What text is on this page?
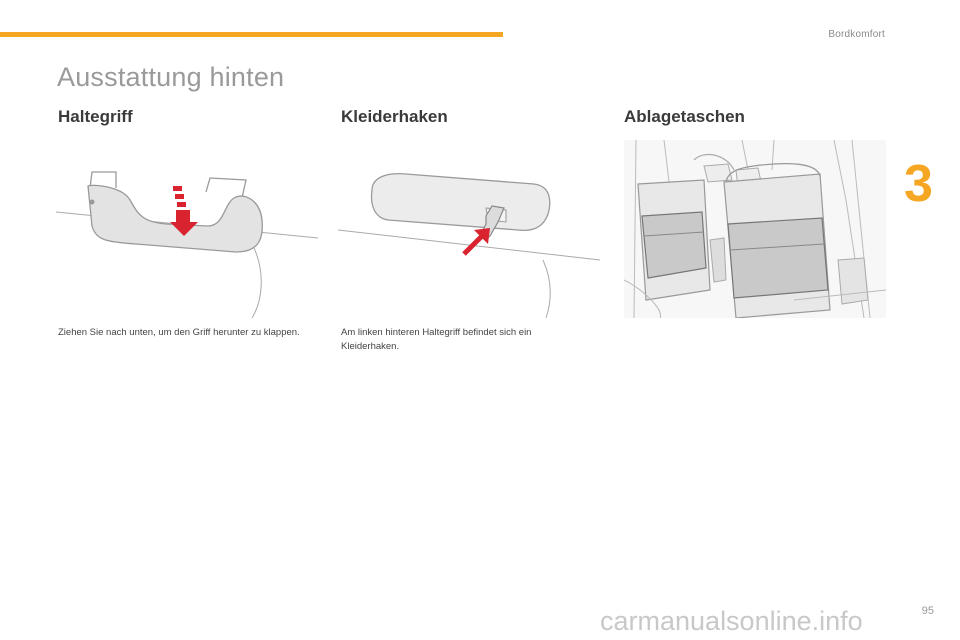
Bordkomfort
3
Ausstattung hinten
Haltegriff

Ziehen Sie nach unten, um den Griff herunter zu klappen.

Kleiderhaken

Am linken hinteren Haltegriff befindet sich ein Kleiderhaken.

Ablagetaschen
95
carmanualsonline.info
